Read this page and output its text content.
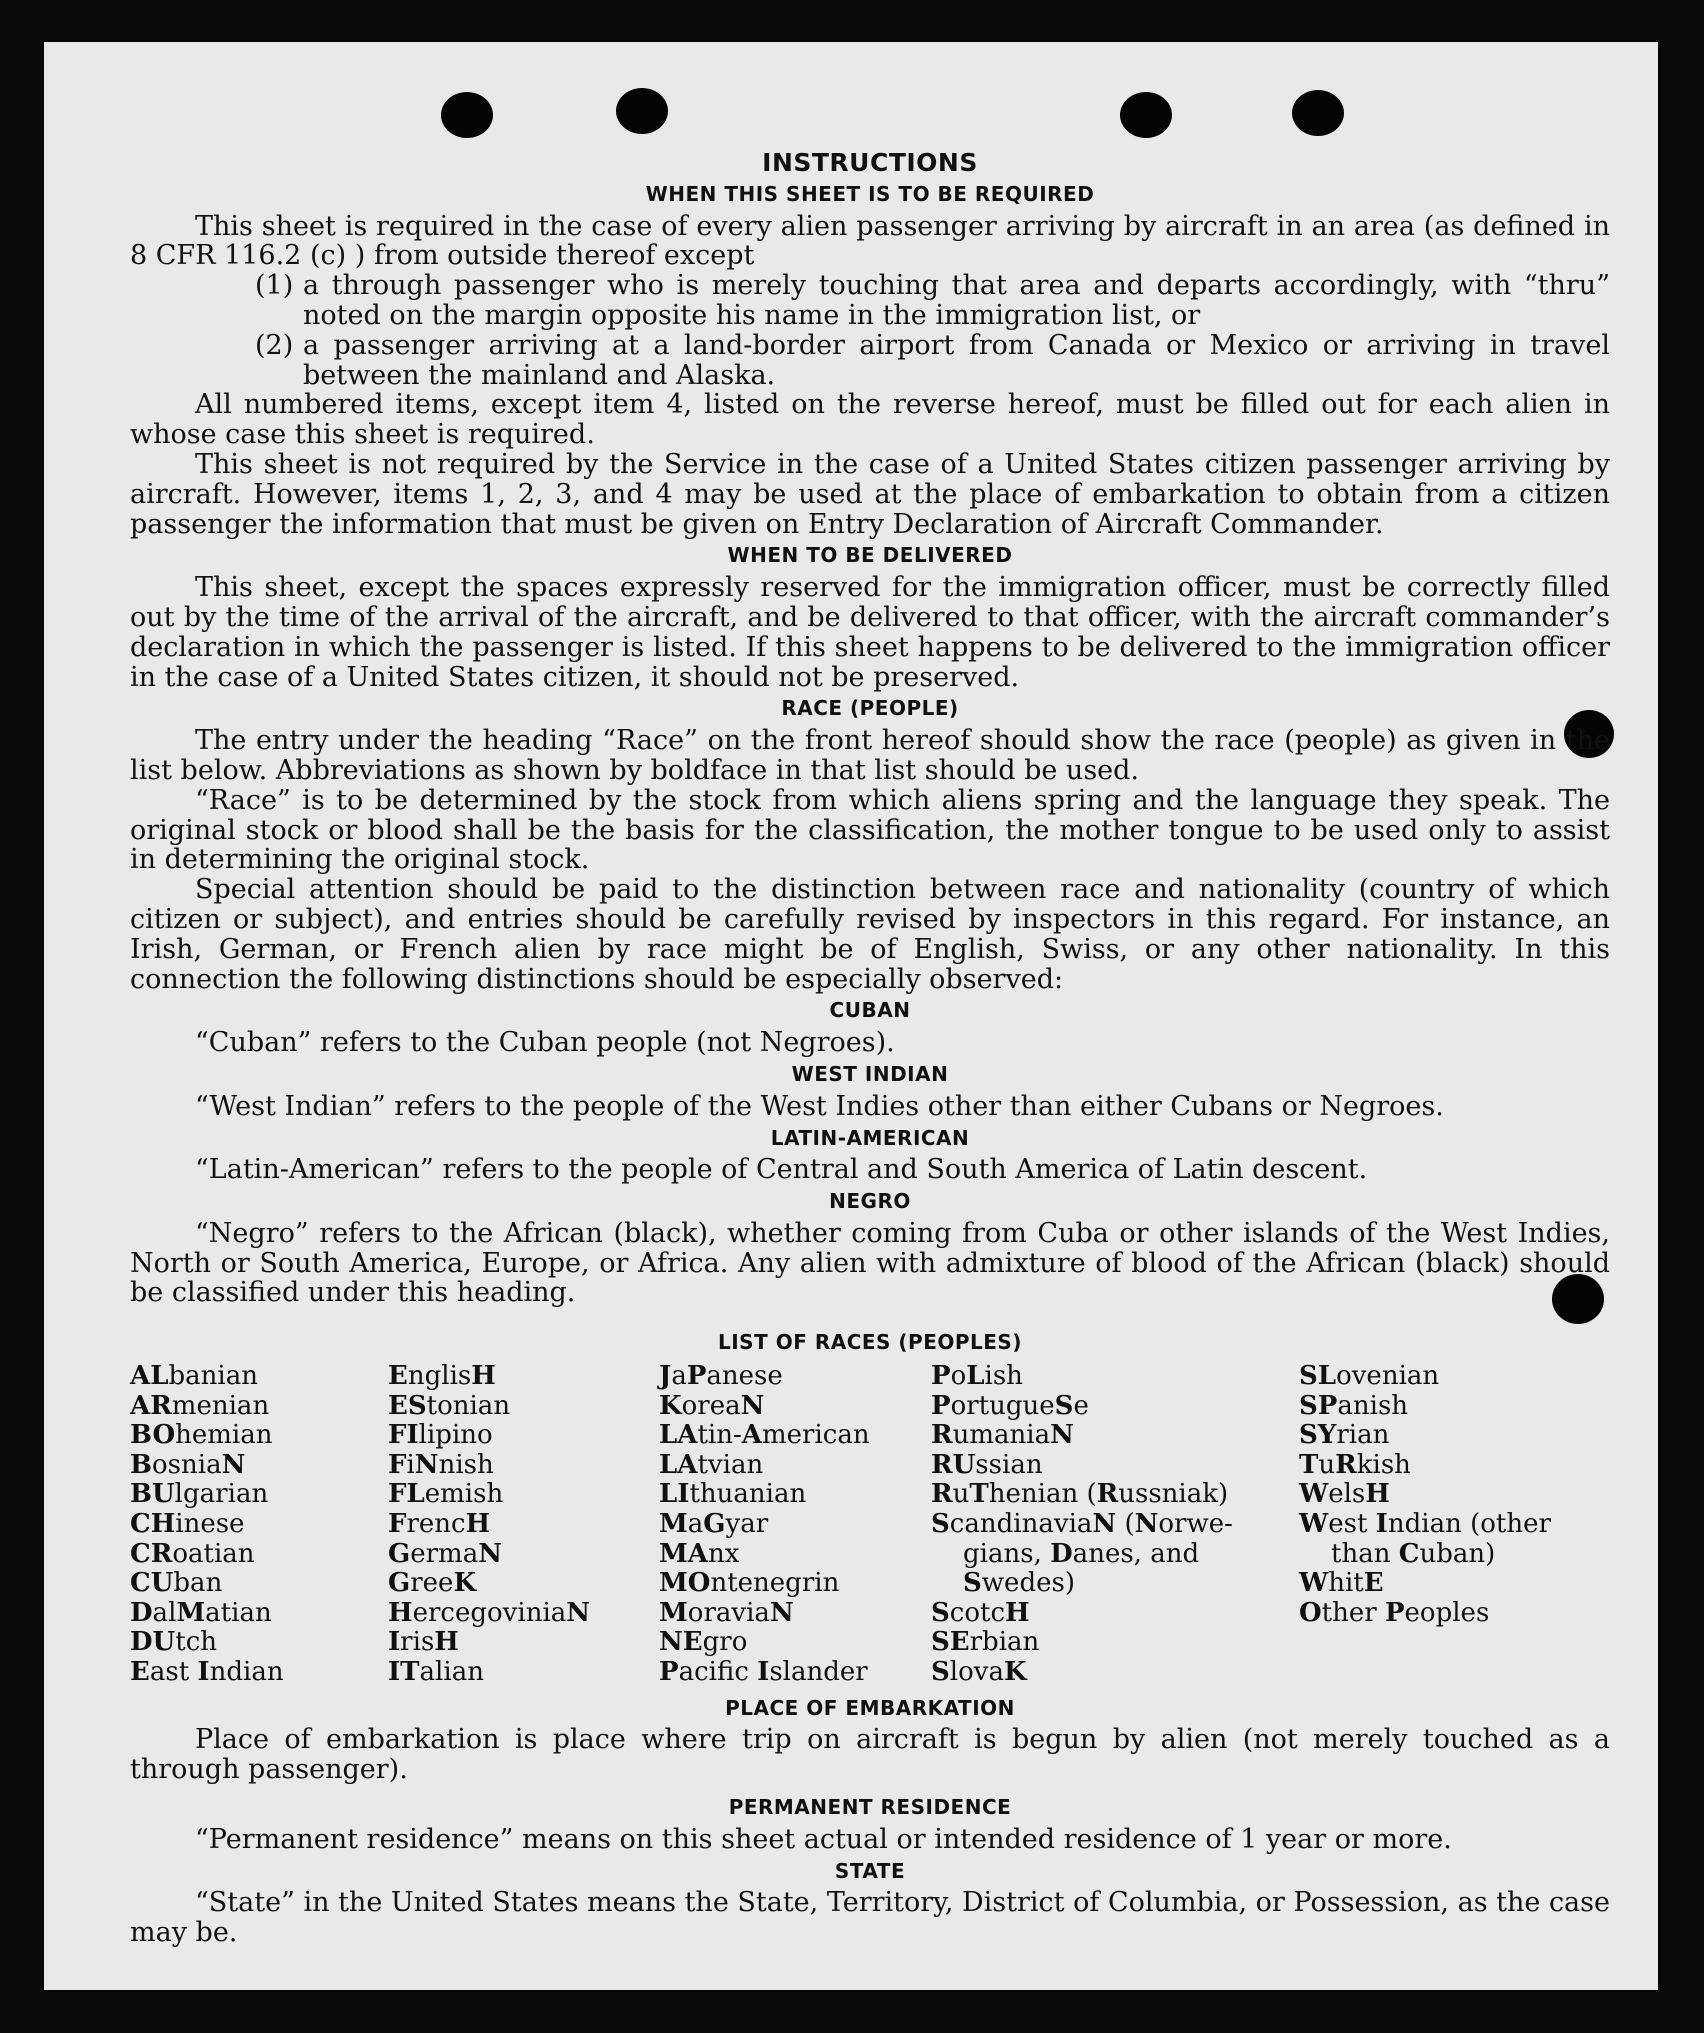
INSTRUCTIONS
WHEN THIS SHEET IS TO BE REQUIRED

This sheet is required in the case of every alien passenger arriving by aircraft in an area (as defined in 8 CFR 116.2 (c) ) from outside thereof except

(1) a through passenger who is merely touching that area and departs accordingly, with “thru” noted on the margin opposite his name in the immigration list, or
(2) a passenger arriving at a land-border airport from Canada or Mexico or arriving in travel between the mainland and Alaska.

All numbered items, except item 4, listed on the reverse hereof, must be filled out for each alien in whose case this sheet is required.

This sheet is not required by the Service in the case of a United States citizen passenger arriving by aircraft. However, items 1, 2, 3, and 4 may be used at the place of embarkation to obtain from a citizen passenger the information that must be given on Entry Declaration of Aircraft Commander.

WHEN TO BE DELIVERED

This sheet, except the spaces expressly reserved for the immigration officer, must be correctly filled out by the time of the arrival of the aircraft, and be delivered to that officer, with the aircraft commander’s declaration in which the passenger is listed. If this sheet happens to be delivered to the immigration officer in the case of a United States citizen, it should not be preserved.

RACE (PEOPLE)

The entry under the heading “Race” on the front hereof should show the race (people) as given in the list below. Abbreviations as shown by boldface in that list should be used.

“Race” is to be determined by the stock from which aliens spring and the language they speak. The original stock or blood shall be the basis for the classification, the mother tongue to be used only to assist in determining the original stock.

Special attention should be paid to the distinction between race and nationality (country of which citizen or subject), and entries should be carefully revised by inspectors in this regard. For instance, an Irish, German, or French alien by race might be of English, Swiss, or any other nationality. In this connection the following distinctions should be especially observed:

CUBAN

“Cuban” refers to the Cuban people (not Negroes).

WEST INDIAN

“West Indian” refers to the people of the West Indies other than either Cubans or Negroes.

LATIN-AMERICAN

“Latin-American” refers to the people of Central and South America of Latin descent.

NEGRO

“Negro” refers to the African (black), whether coming from Cuba or other islands of the West Indies, North or South America, Europe, or Africa. Any alien with admixture of blood of the African (black) should be classified under this heading.

LIST OF RACES (PEOPLES)
ALbanian
ARmenian
BOhemian
BosniaN
BUlgarian
CHinese
CRoatian
CUban
DalMatian
DUtch
East Indian
EnglisH
EStonian
FIlipino
FiNnish
FLemish
FrencH
GermaN
GreeK
HercegoviniaN
IrisH
ITalian
JaPanese
KoreaN
LAtin-American
LAtvian
LIthuanian
MaGyar
MAnx
MOntenegrin
MoraviaN
NEgro
Pacifc Islander
PoLish
PortugueSe
RumaniaN
RUssian
RuThenian (Russniak)
ScandinaviaN (Norwe-
gians, Danes, and
Swedes)
ScotcH
SErbian
SlovaK
SLovenian
SPanish
SYrian
TuRkish
WelsH
West Indian (other
than Cuban)
WhitE
Other Peoples
PLACE OF EMBARKATION

Place of embarkation is place where trip on aircraft is begun by alien (not merely touched as a through passenger).

PERMANENT RESIDENCE

“Permanent residence” means on this sheet actual or intended residence of 1 year or more.

STATE

“State” in the United States means the State, Territory, District of Columbia, or Possession, as the case may be.
